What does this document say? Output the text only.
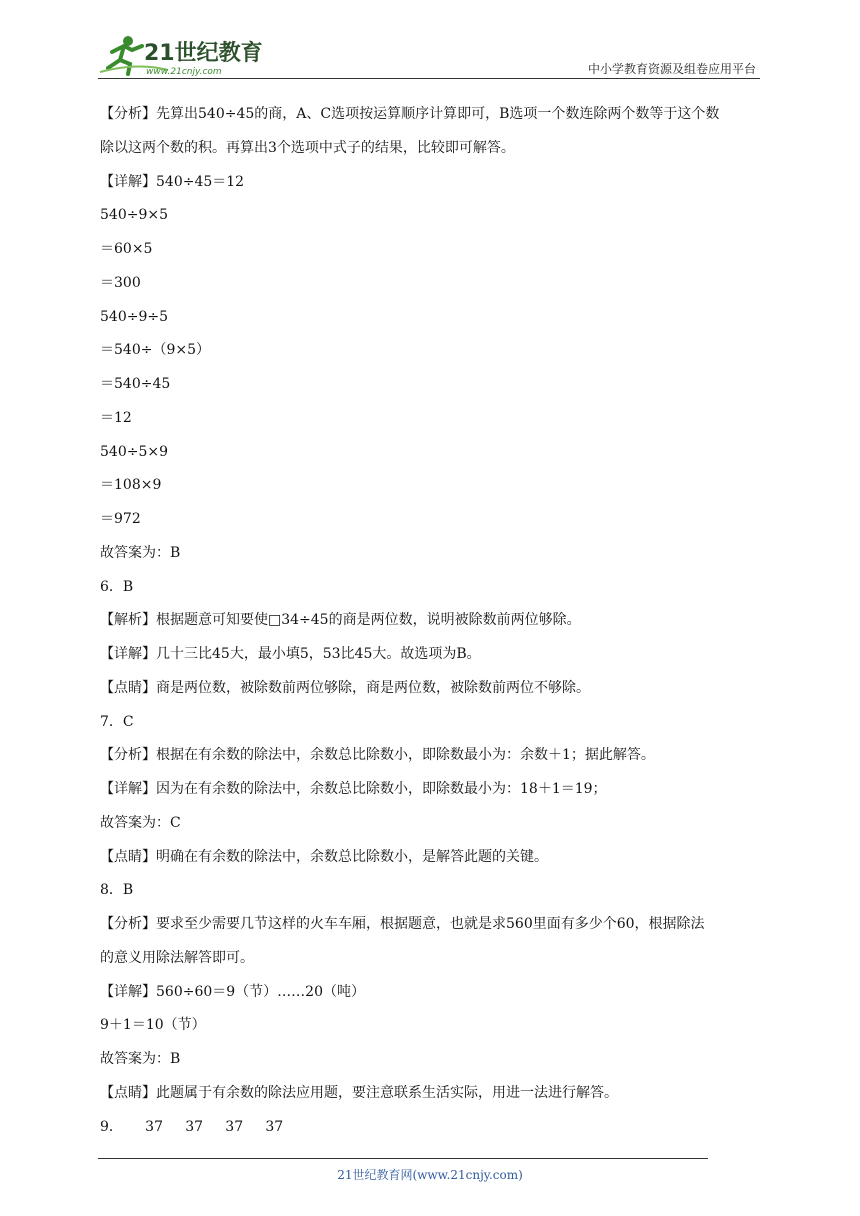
21世纪教育
www.21cnjy.com	中小学教育资源及组卷应用平台
【分析】先算出540÷45的商，A、C选项按运算顺序计算即可，B选项一个数连除两个数等于这个数
除以这两个数的积。再算出3个选项中式子的结果，比较即可解答。
【详解】540÷45＝12
540÷9×5
＝60×5
＝300
540÷9÷5
＝540÷（9×5）
＝540÷45
＝12
540÷5×9
＝108×9
＝972
故答案为：B
6．B
【解析】根据题意可知要使□34÷45的商是两位数，说明被除数前两位够除。
【详解】几十三比45大，最小填5，53比45大。故选项为B。
【点睛】商是两位数，被除数前两位够除，商是两位数，被除数前两位不够除。
7．C
【分析】根据在有余数的除法中，余数总比除数小，即除数最小为：余数＋1；据此解答。
【详解】因为在有余数的除法中，余数总比除数小，即除数最小为：18＋1＝19；
故答案为：C
【点睛】明确在有余数的除法中，余数总比除数小，是解答此题的关键。
8．B
【分析】要求至少需要几节这样的火车车厢，根据题意，也就是求560里面有多少个60，根据除法
的意义用除法解答即可。
【详解】560÷60＝9（节）……20（吨）
9＋1＝10（节）
故答案为：B
【点睛】此题属于有余数的除法应用题，要注意联系生活实际，用进一法进行解答。
9．     37     37     37     37
21世纪教育网(www.21cnjy.com)
